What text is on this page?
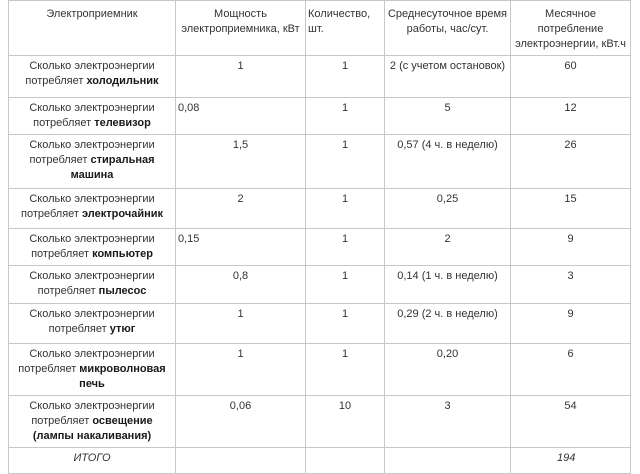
Электроприемник	Мощность электроприемника, кВт	Количество, шт.	Среднесуточное время работы, час/сут.	Месячное потребление электроэнергии, кВт.ч
Сколько электроэнергии потребляет холодильник	1	1	2 (с учетом остановок)	60
Сколько электроэнергии потребляет телевизор	0,08	1	5	12
Сколько электроэнергии потребляет стиральная машина	1,5	1	0,57 (4 ч. в неделю)	26
Сколько электроэнергии потребляет электрочайник	2	1	0,25	15
Сколько электроэнергии потребляет компьютер	0,15	1	2	9
Сколько электроэнергии потребляет пылесос	0,8	1	0,14 (1 ч. в неделю)	3
Сколько электроэнергии потребляет утюг	1	1	0,29 (2 ч. в неделю)	9
Сколько электроэнергии потребляет микроволновая печь	1	1	0,20	6
Сколько электроэнергии потребляет освещение (лампы накаливания)	0,06	10	3	54
ИТОГО				194
